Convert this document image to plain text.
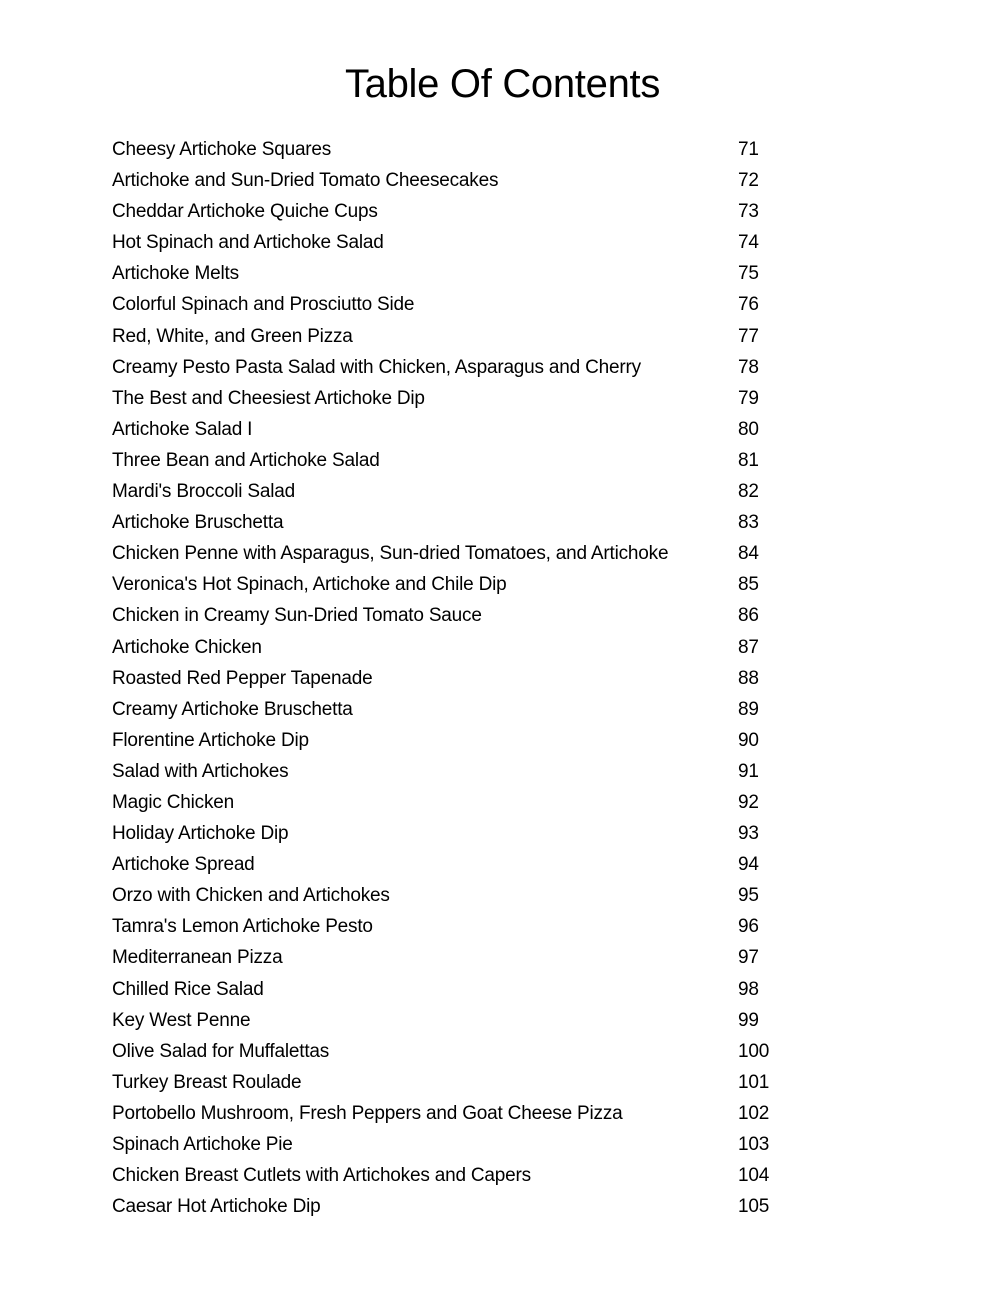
Table Of Contents
Cheesy Artichoke Squares	71
Artichoke and Sun-Dried Tomato Cheesecakes	72
Cheddar Artichoke Quiche Cups	73
Hot Spinach and Artichoke Salad	74
Artichoke Melts	75
Colorful Spinach and Prosciutto Side	76
Red, White, and Green Pizza	77
Creamy Pesto Pasta Salad with Chicken, Asparagus and Cherry	78
The Best and Cheesiest Artichoke Dip	79
Artichoke Salad I	80
Three Bean and Artichoke Salad	81
Mardi's Broccoli Salad	82
Artichoke Bruschetta	83
Chicken Penne with Asparagus, Sun-dried Tomatoes, and Artichoke	84
Veronica's Hot Spinach, Artichoke and Chile Dip	85
Chicken in Creamy Sun-Dried Tomato Sauce	86
Artichoke Chicken	87
Roasted Red Pepper Tapenade	88
Creamy Artichoke Bruschetta	89
Florentine Artichoke Dip	90
Salad with Artichokes	91
Magic Chicken	92
Holiday Artichoke Dip	93
Artichoke Spread	94
Orzo with Chicken and Artichokes	95
Tamra's Lemon Artichoke Pesto	96
Mediterranean Pizza	97
Chilled Rice Salad	98
Key West Penne	99
Olive Salad for Muffalettas	100
Turkey Breast Roulade	101
Portobello Mushroom, Fresh Peppers and Goat Cheese Pizza	102
Spinach Artichoke Pie	103
Chicken Breast Cutlets with Artichokes and Capers	104
Caesar Hot Artichoke Dip	105
